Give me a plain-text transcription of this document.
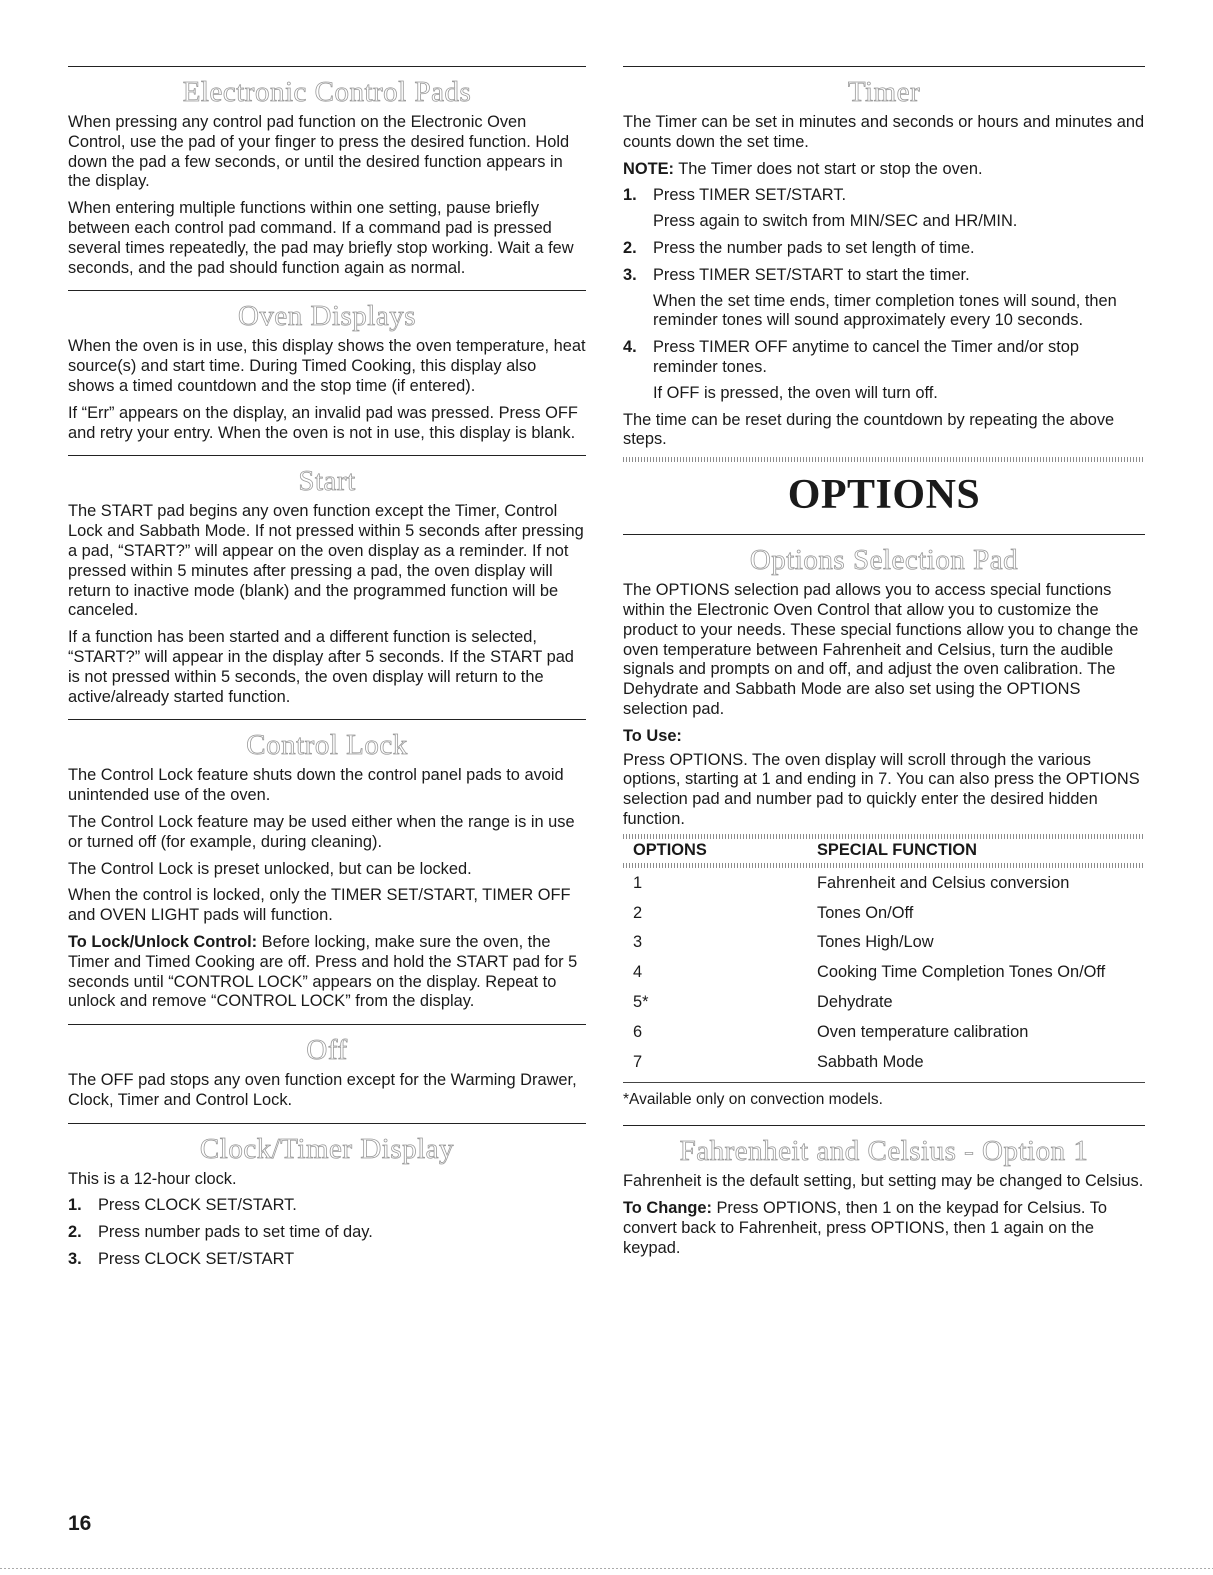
Electronic Control Pads

When pressing any control pad function on the Electronic Oven Control, use the pad of your finger to press the desired function. Hold down the pad a few seconds, or until the desired function appears in the display.

When entering multiple functions within one setting, pause briefly between each control pad command. If a command pad is pressed several times repeatedly, the pad may briefly stop working. Wait a few seconds, and the pad should function again as normal.

Oven Displays

When the oven is in use, this display shows the oven temperature, heat source(s) and start time. During Timed Cooking, this display also shows a timed countdown and the stop time (if entered).

If “Err” appears on the display, an invalid pad was pressed. Press OFF and retry your entry. When the oven is not in use, this display is blank.

Start

The START pad begins any oven function except the Timer, Control Lock and Sabbath Mode. If not pressed within 5 seconds after pressing a pad, “START?” will appear on the oven display as a reminder. If not pressed within 5 minutes after pressing a pad, the oven display will return to inactive mode (blank) and the programmed function will be canceled.

If a function has been started and a different function is selected, “START?” will appear in the display after 5 seconds. If the START pad is not pressed within 5 seconds, the oven display will return to the active/already started function.

Control Lock

The Control Lock feature shuts down the control panel pads to avoid unintended use of the oven.

The Control Lock feature may be used either when the range is in use or turned off (for example, during cleaning).

The Control Lock is preset unlocked, but can be locked.

When the control is locked, only the TIMER SET/START, TIMER OFF and OVEN LIGHT pads will function.

To Lock/Unlock Control: Before locking, make sure the oven, the Timer and Timed Cooking are off. Press and hold the START pad for 5 seconds until “CONTROL LOCK” appears on the display. Repeat to unlock and remove “CONTROL LOCK” from the display.

Off

The OFF pad stops any oven function except for the Warming Drawer, Clock, Timer and Control Lock.

Clock/Timer Display

This is a 12-hour clock.

1. Press CLOCK SET/START.
2. Press number pads to set time of day.
3. Press CLOCK SET/START
Timer

The Timer can be set in minutes and seconds or hours and minutes and counts down the set time.

NOTE: The Timer does not start or stop the oven.

1. Press TIMER SET/START.
Press again to switch from MIN/SEC and HR/MIN.
2. Press the number pads to set length of time.
3. Press TIMER SET/START to start the timer.
When the set time ends, timer completion tones will sound, then reminder tones will sound approximately every 10 seconds.
4. Press TIMER OFF anytime to cancel the Timer and/or stop reminder tones.
If OFF is pressed, the oven will turn off.

The time can be reset during the countdown by repeating the above steps.

OPTIONS
Options Selection Pad

The OPTIONS selection pad allows you to access special functions within the Electronic Oven Control that allow you to customize the product to your needs. These special functions allow you to change the oven temperature between Fahrenheit and Celsius, turn the audible signals and prompts on and off, and adjust the oven calibration. The Dehydrate and Sabbath Mode are also set using the OPTIONS selection pad.

To Use:

Press OPTIONS. The oven display will scroll through the various options, starting at 1 and ending in 7. You can also press the OPTIONS selection pad and number pad to quickly enter the desired hidden function.

OPTIONS	SPECIAL FUNCTION

1	Fahrenheit and Celsius conversion
2	Tones On/Off
3	Tones High/Low
4	Cooking Time Completion Tones On/Off
5*	Dehydrate
6	Oven temperature calibration
7	Sabbath Mode
*Available only on convection models.
Fahrenheit and Celsius - Option 1

Fahrenheit is the default setting, but setting may be changed to Celsius.

To Change: Press OPTIONS, then 1 on the keypad for Celsius. To convert back to Fahrenheit, press OPTIONS, then 1 again on the keypad.

16
